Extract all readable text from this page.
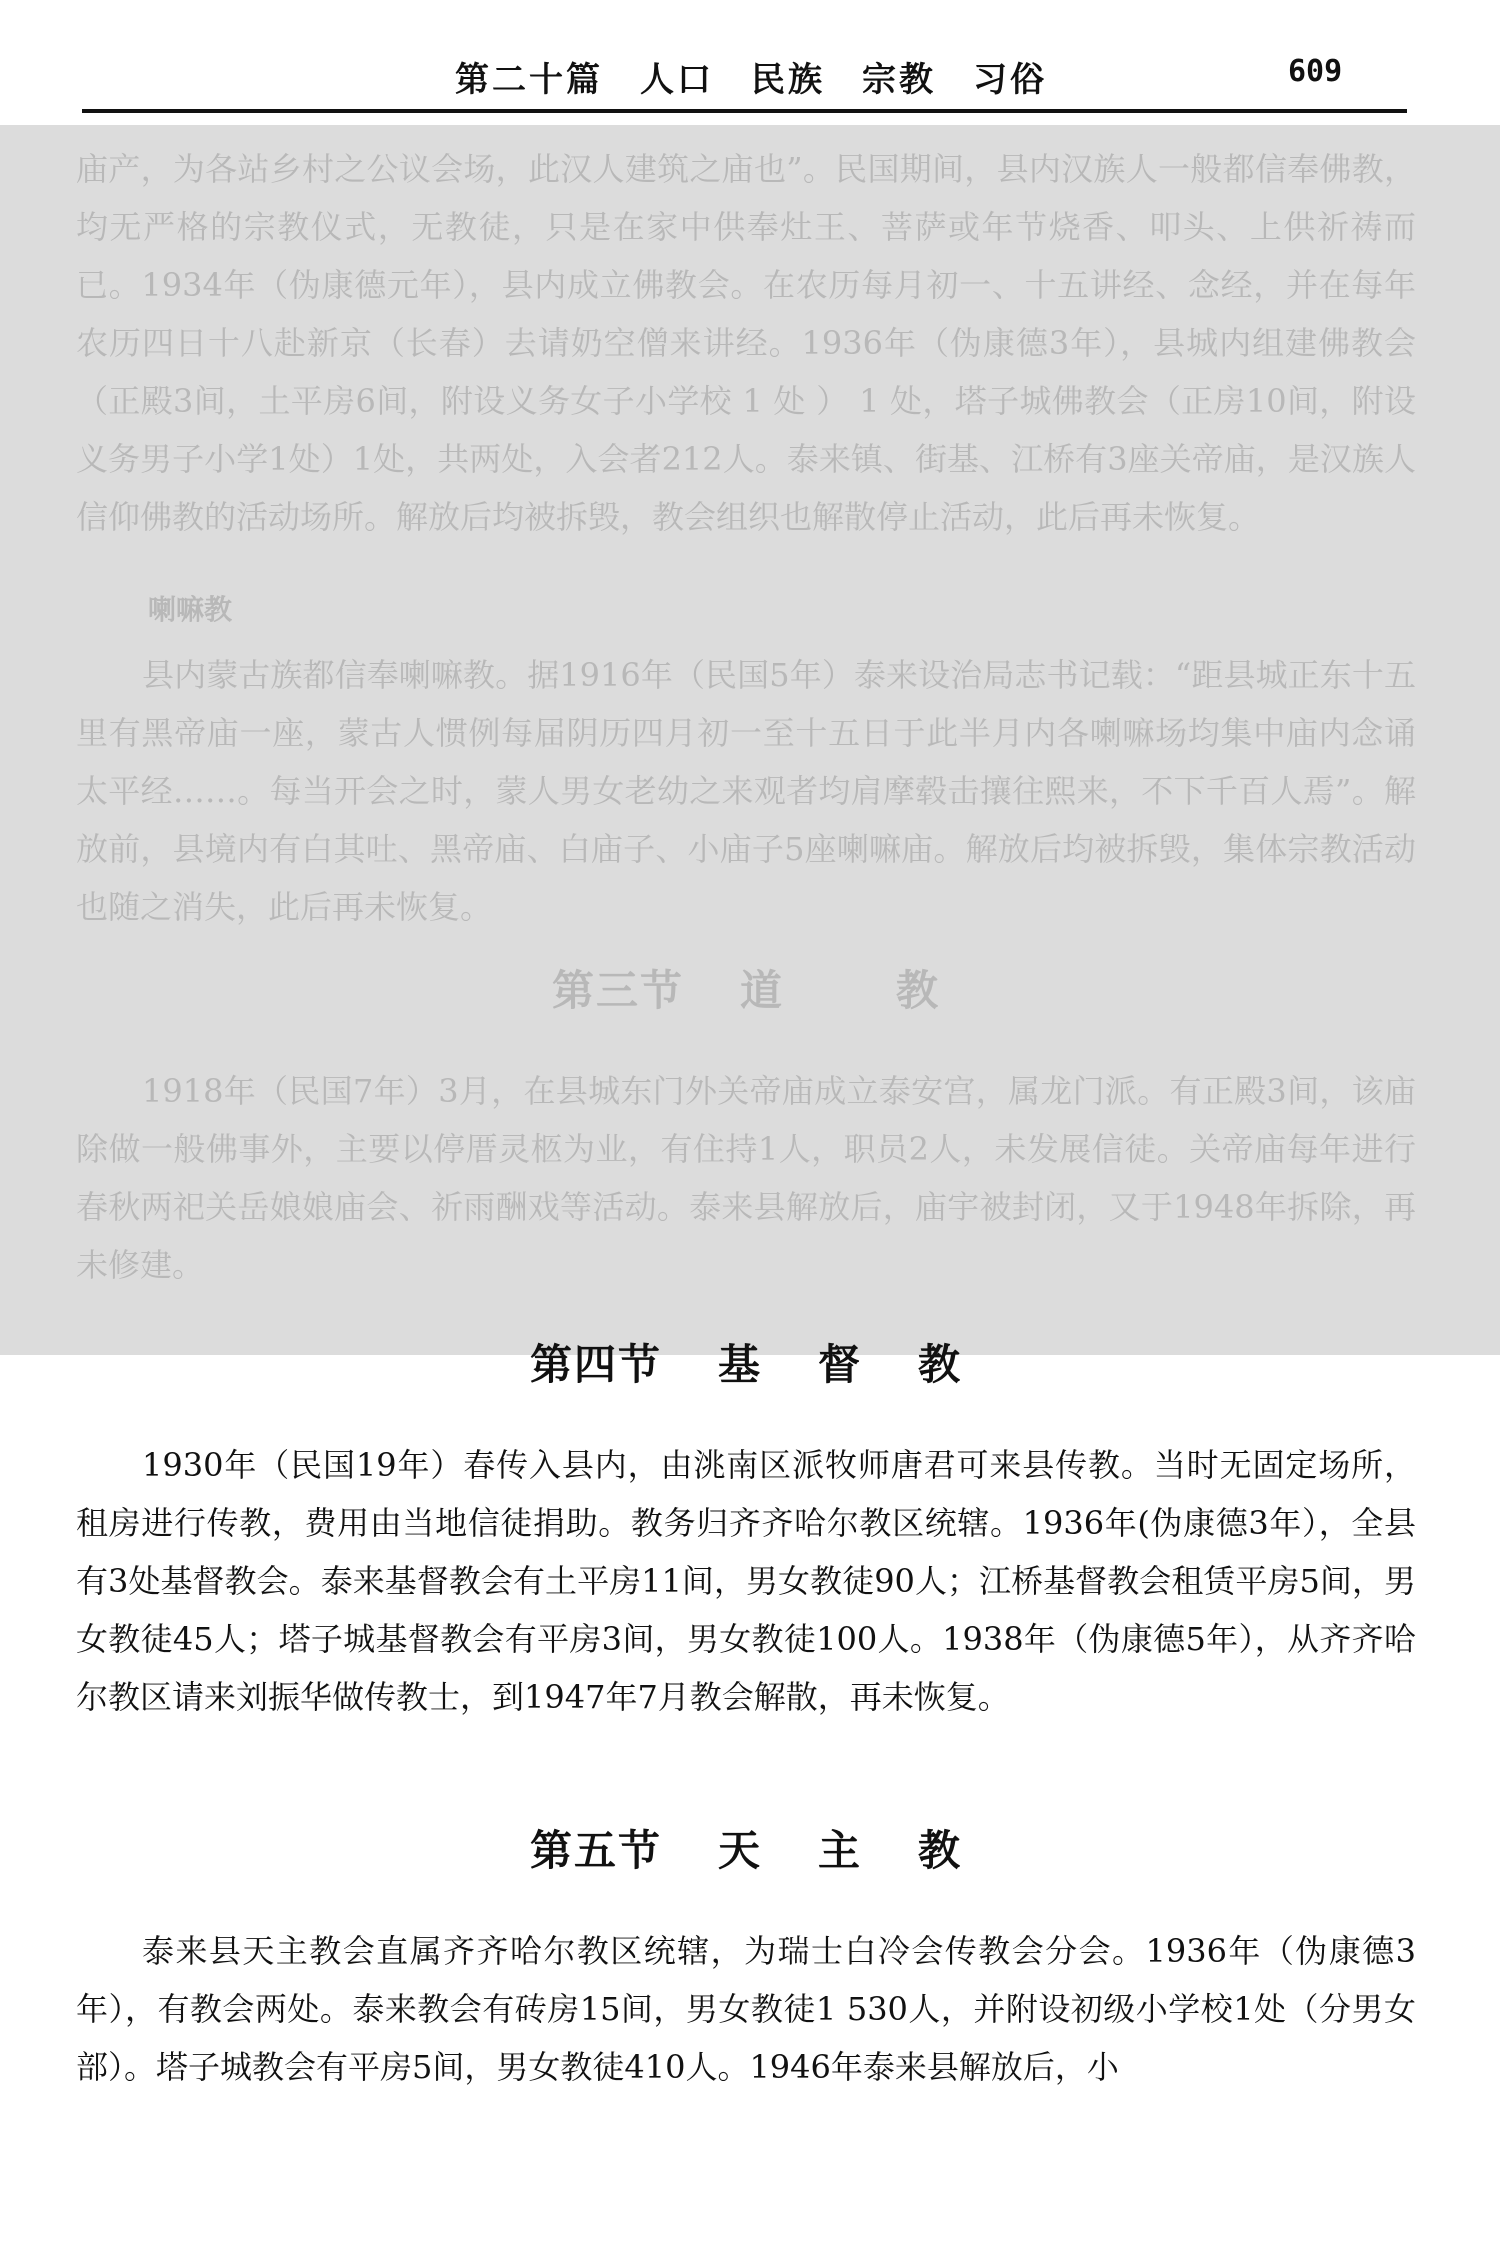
第二十篇　人口　民族　宗教　习俗	609

庙产，为各站乡村之公议会场，此汉人建筑之庙也”。民国期间，县内汉族人一般都信奉佛教，均无严格的宗教仪式，无教徒，只是在家中供奉灶王、菩萨或年节烧香、叩头、上供祈祷而已。1934年（伪康德元年），县内成立佛教会。在农历每月初一、十五讲经、念经，并在每年农历四日十八赴新京（长春）去请奶空僧来讲经。1936年（伪康德3年），县城内组建佛教会（正殿3间，土平房6间，附设义务女子小学校 1 处 ） 1 处，塔子城佛教会（正房10间，附设义务男子小学1处）1处，共两处，入会者212人。泰来镇、街基、江桥有3座关帝庙，是汉族人信仰佛教的活动场所。解放后均被拆毁，教会组织也解散停止活动，此后再未恢复。

喇嘛教

县内蒙古族都信奉喇嘛教。据1916年（民国5年）泰来设治局志书记载：“距县城正东十五里有黑帝庙一座，蒙古人惯例每届阴历四月初一至十五日于此半月内各喇嘛场均集中庙内念诵太平经……。每当开会之时，蒙人男女老幼之来观者均肩摩毂击攘往熙来，不下千百人焉”。解放前，县境内有白其吐、黑帝庙、白庙子、小庙子5座喇嘛庙。解放后均被拆毁，集体宗教活动也随之消失，此后再未恢复。

第三节 道	教

1918年（民国7年）3月，在县城东门外关帝庙成立泰安宫，属龙门派。有正殿3间，该庙除做一般佛事外，主要以停厝灵柩为业，有住持1人，职员2人，未发展信徒。关帝庙每年进行春秋两祀关岳娘娘庙会、祈雨酬戏等活动。泰来县解放后，庙宇被封闭，又于1948年拆除，再未修建。

第四节 基 督 教

1930年（民国19年）春传入县内，由洮南区派牧师唐君可来县传教。当时无固定场所，租房进行传教，费用由当地信徒捐助。教务归齐齐哈尔教区统辖。1936年(伪康德3年），全县有3处基督教会。泰来基督教会有土平房11间，男女教徒90人；江桥基督教会租赁平房5间，男女教徒45人；塔子城基督教会有平房3间，男女教徒100人。1938年（伪康德5年），从齐齐哈尔教区请来刘振华做传教士，到1947年7月教会解散，再未恢复。

第五节 天 主 教

泰来县天主教会直属齐齐哈尔教区统辖，为瑞士白冷会传教会分会。1936年（伪康德3年），有教会两处。泰来教会有砖房15间，男女教徒1 530人，并附设初级小学校1处（分男女部）。塔子城教会有平房5间，男女教徒410人。1946年泰来县解放后，小
